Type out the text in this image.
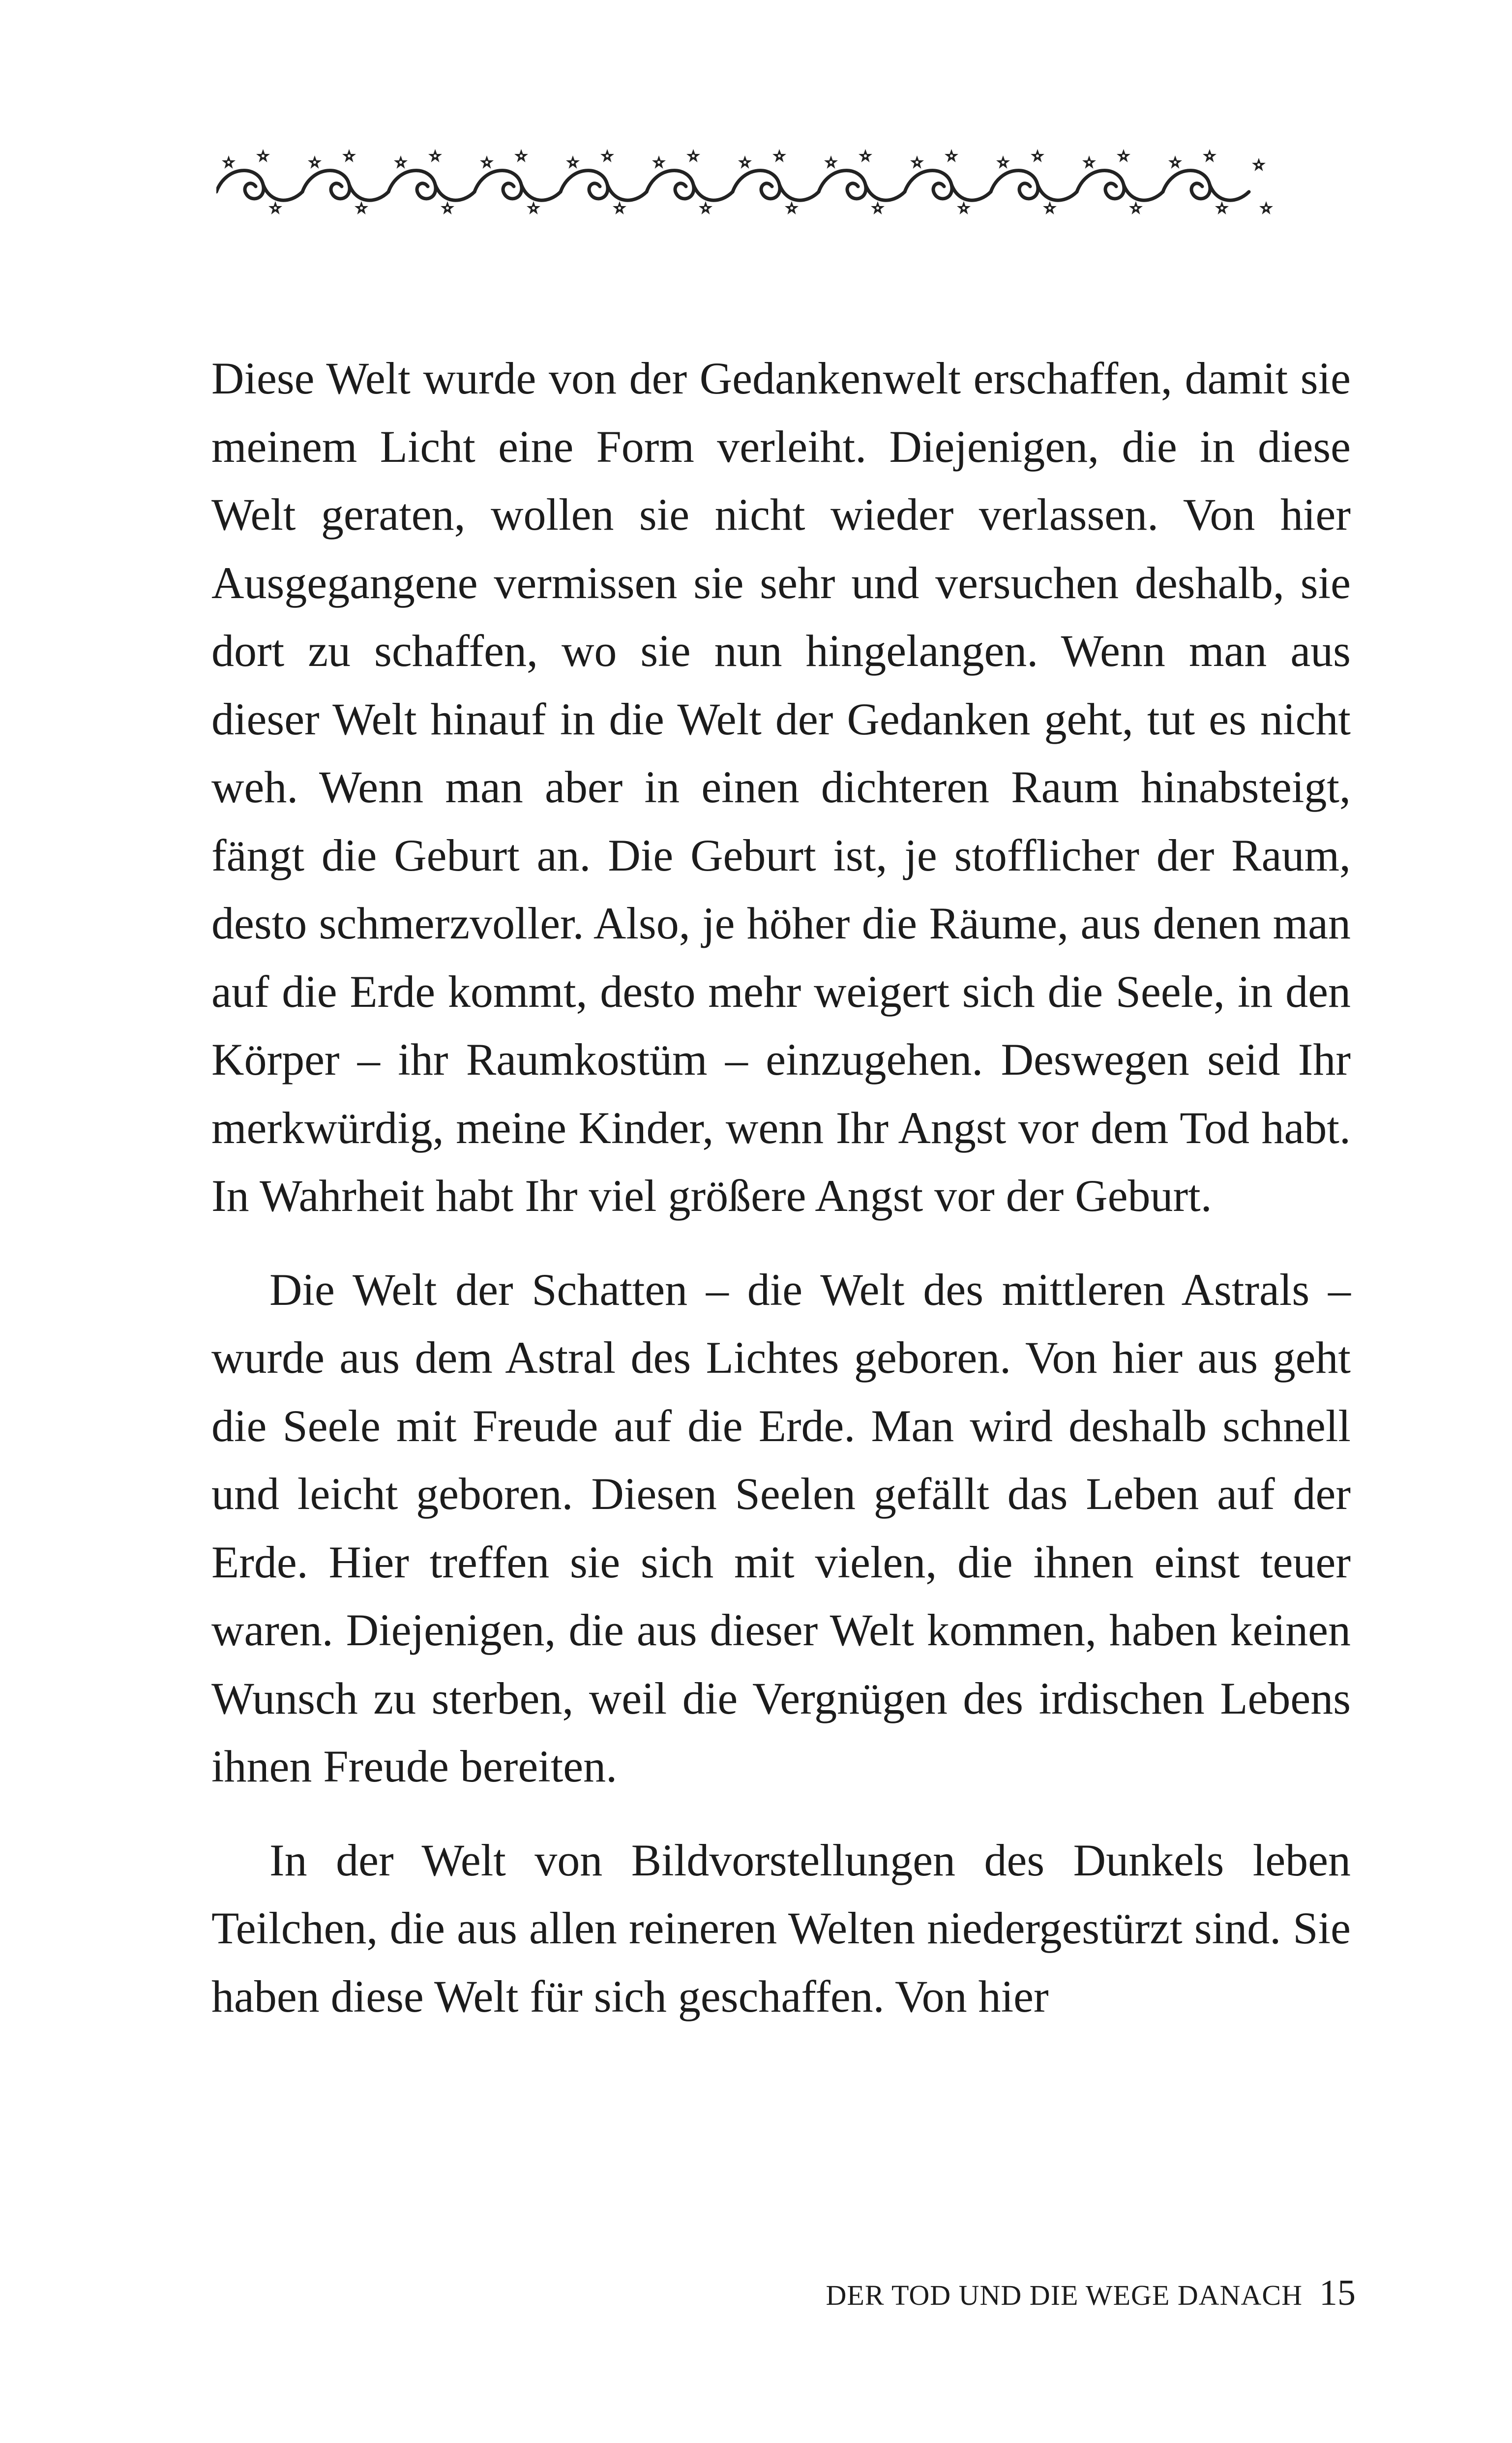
Diese Welt wurde von der Gedankenwelt erschaffen, damit sie meinem Licht eine Form verleiht. Diejenigen, die in diese Welt geraten, wollen sie nicht wieder verlassen. Von hier Ausgegangene vermissen sie sehr und versuchen deshalb, sie dort zu schaffen, wo sie nun hingelangen. Wenn man aus dieser Welt hinauf in die Welt der Gedanken geht, tut es nicht weh. Wenn man aber in einen dichteren Raum hinabsteigt, fängt die Geburt an. Die Geburt ist, je stofflicher der Raum, desto schmerzvoller. Also, je höher die Räume, aus denen man auf die Erde kommt, desto mehr weigert sich die Seele, in den Körper – ihr Raumkostüm – einzugehen. Deswegen seid Ihr merkwürdig, meine Kinder, wenn Ihr Angst vor dem Tod habt. In Wahrheit habt Ihr viel größere Angst vor der Geburt.

Die Welt der Schatten – die Welt des mittleren Astrals – wurde aus dem Astral des Lichtes geboren. Von hier aus geht die Seele mit Freude auf die Erde. Man wird deshalb schnell und leicht geboren. Diesen Seelen gefällt das Leben auf der Erde. Hier treffen sie sich mit vielen, die ihnen einst teuer waren. Diejenigen, die aus dieser Welt kommen, haben keinen Wunsch zu sterben, weil die Vergnügen des irdischen Lebens ihnen Freude bereiten.

In der Welt von Bildvorstellungen des Dunkels leben Teilchen, die aus allen reineren Welten niedergestürzt sind. Sie haben diese Welt für sich geschaffen. Von hier

DER TOD UND DIE WEGE DANACH 15
